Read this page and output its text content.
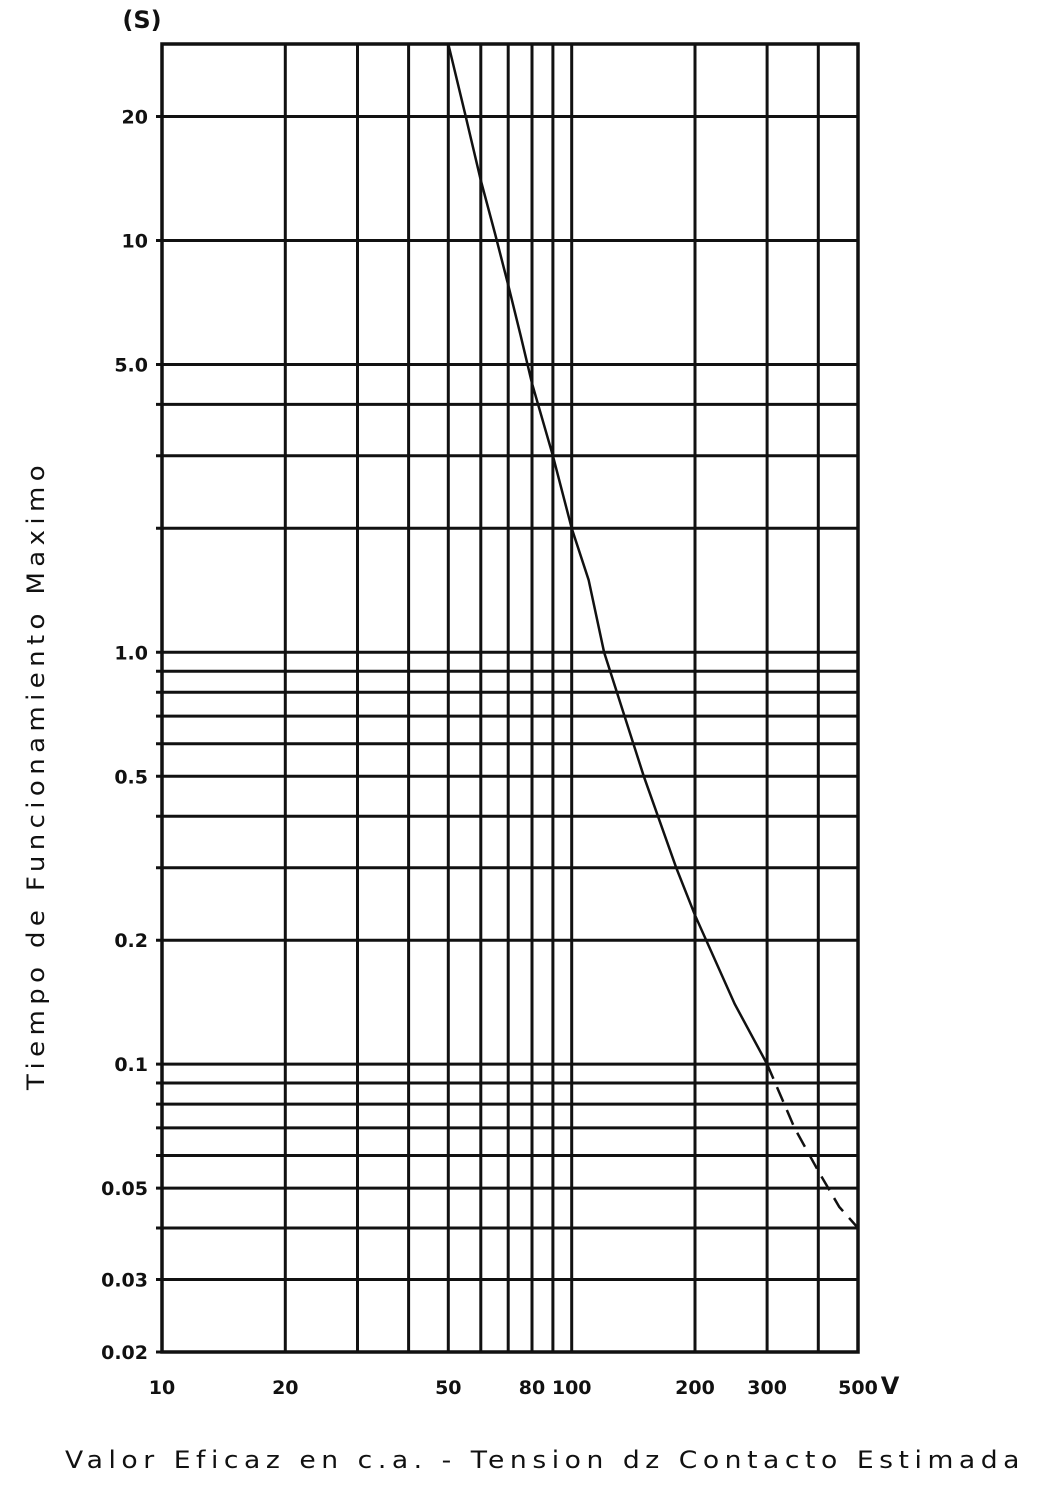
20
10
5.0
1.0
0.5
0.2
0.1
0.05
0.03
0.02
10	20	50	80 100	200 300	500
(S)
V
Valor Eficaz en c.a. - Tension dz Contacto Estimada
Tiempo de Funcionamiento Maximo
